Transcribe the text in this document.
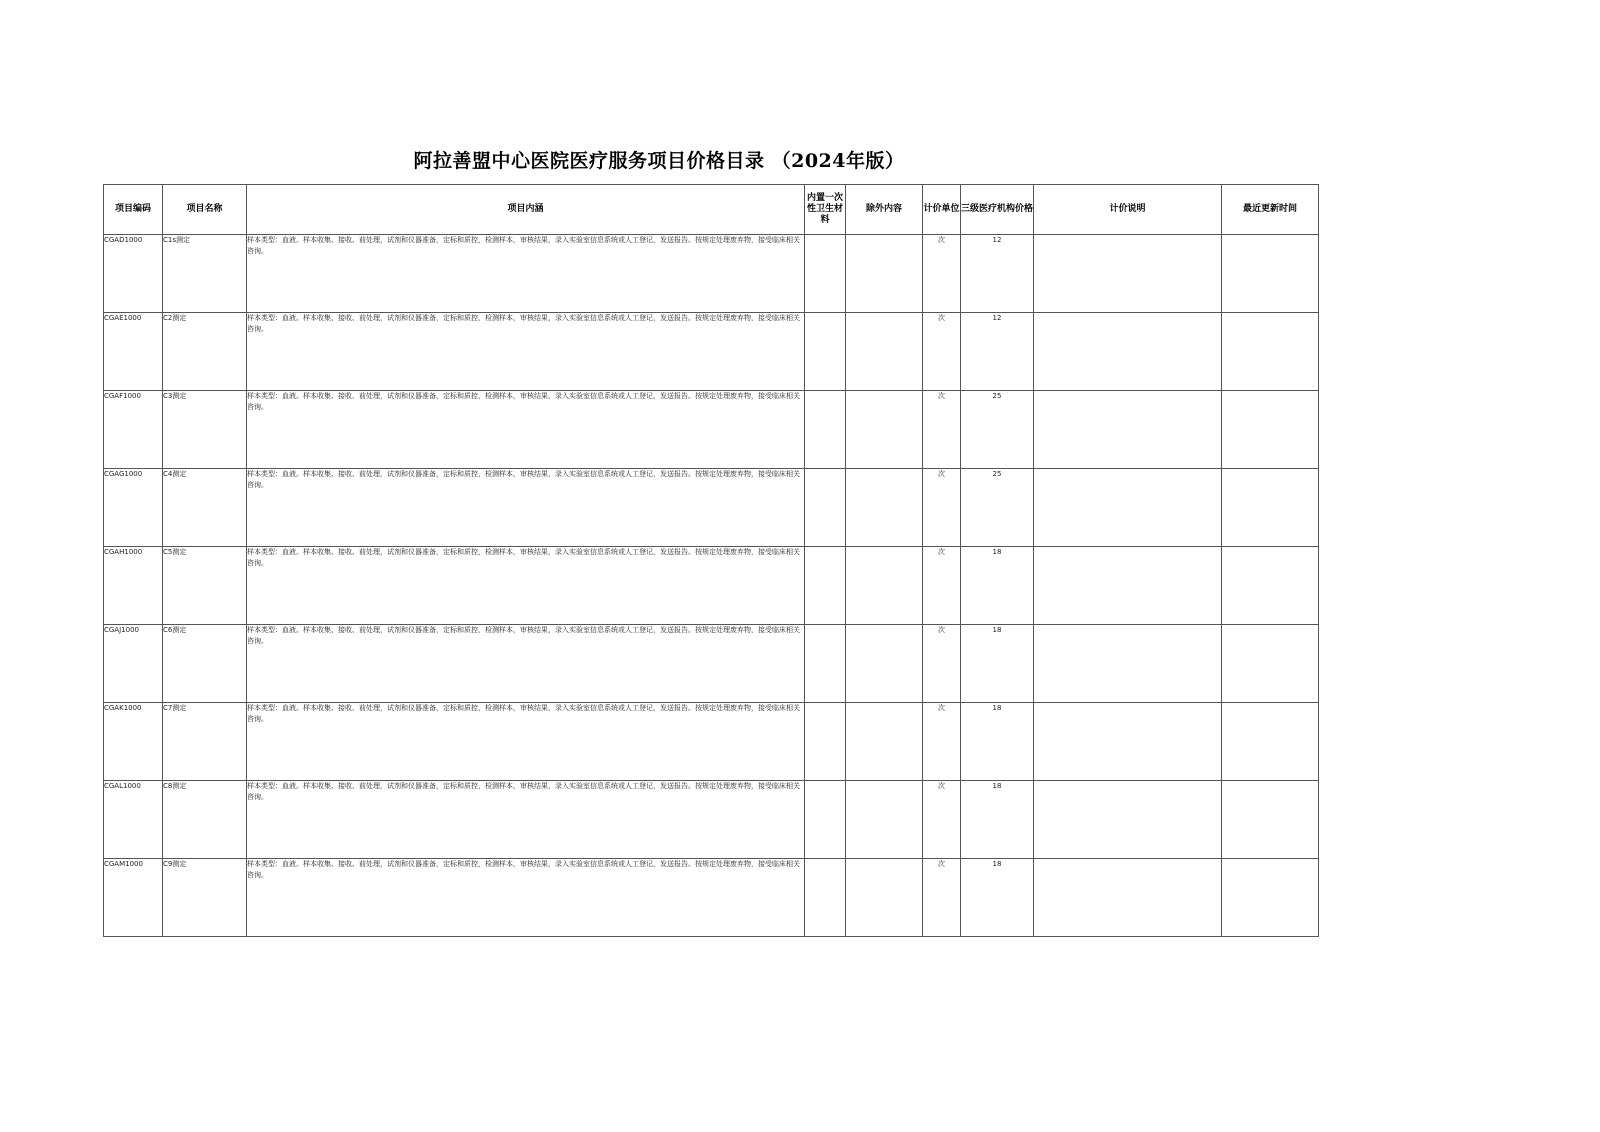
阿拉善盟中心医院医疗服务项目价格目录 （2024年版）
项目编码	项目名称	项目内涵	内置一次性卫生材料	除外内容	计价单位	三级医疗机构价格	计价说明	最近更新时间
CGAD1000	C1s测定	样本类型：血液。样本收集、接收、前处理，试剂和仪器准备，定标和质控，检测样本，审核结果，录入实验室信息系统或人工登记，发送报告。按规定处理废弃物，接受临床相关咨询。			次	12		
CGAE1000	C2测定	样本类型：血液。样本收集、接收、前处理，试剂和仪器准备，定标和质控，检测样本，审核结果，录入实验室信息系统或人工登记，发送报告。按规定处理废弃物，接受临床相关咨询。			次	12		
CGAF1000	C3测定	样本类型：血液。样本收集、接收、前处理，试剂和仪器准备，定标和质控，检测样本，审核结果，录入实验室信息系统或人工登记，发送报告。按规定处理废弃物，接受临床相关咨询。			次	25		
CGAG1000	C4测定	样本类型：血液。样本收集、接收、前处理，试剂和仪器准备，定标和质控，检测样本，审核结果，录入实验室信息系统或人工登记，发送报告。按规定处理废弃物，接受临床相关咨询。			次	25		
CGAH1000	C5测定	样本类型：血液。样本收集、接收、前处理，试剂和仪器准备，定标和质控，检测样本，审核结果，录入实验室信息系统或人工登记，发送报告。按规定处理废弃物，接受临床相关咨询。			次	18		
CGAJ1000	C6测定	样本类型：血液。样本收集、接收、前处理，试剂和仪器准备，定标和质控，检测样本，审核结果，录入实验室信息系统或人工登记，发送报告。按规定处理废弃物，接受临床相关咨询。			次	18		
CGAK1000	C7测定	样本类型：血液。样本收集、接收、前处理，试剂和仪器准备，定标和质控，检测样本，审核结果，录入实验室信息系统或人工登记，发送报告。按规定处理废弃物，接受临床相关咨询。			次	18		
CGAL1000	C8测定	样本类型：血液。样本收集、接收、前处理，试剂和仪器准备，定标和质控，检测样本，审核结果，录入实验室信息系统或人工登记，发送报告。按规定处理废弃物，接受临床相关咨询。			次	18		
CGAM1000	C9测定	样本类型：血液。样本收集、接收、前处理，试剂和仪器准备，定标和质控，检测样本，审核结果，录入实验室信息系统或人工登记，发送报告。按规定处理废弃物，接受临床相关咨询。			次	18		
